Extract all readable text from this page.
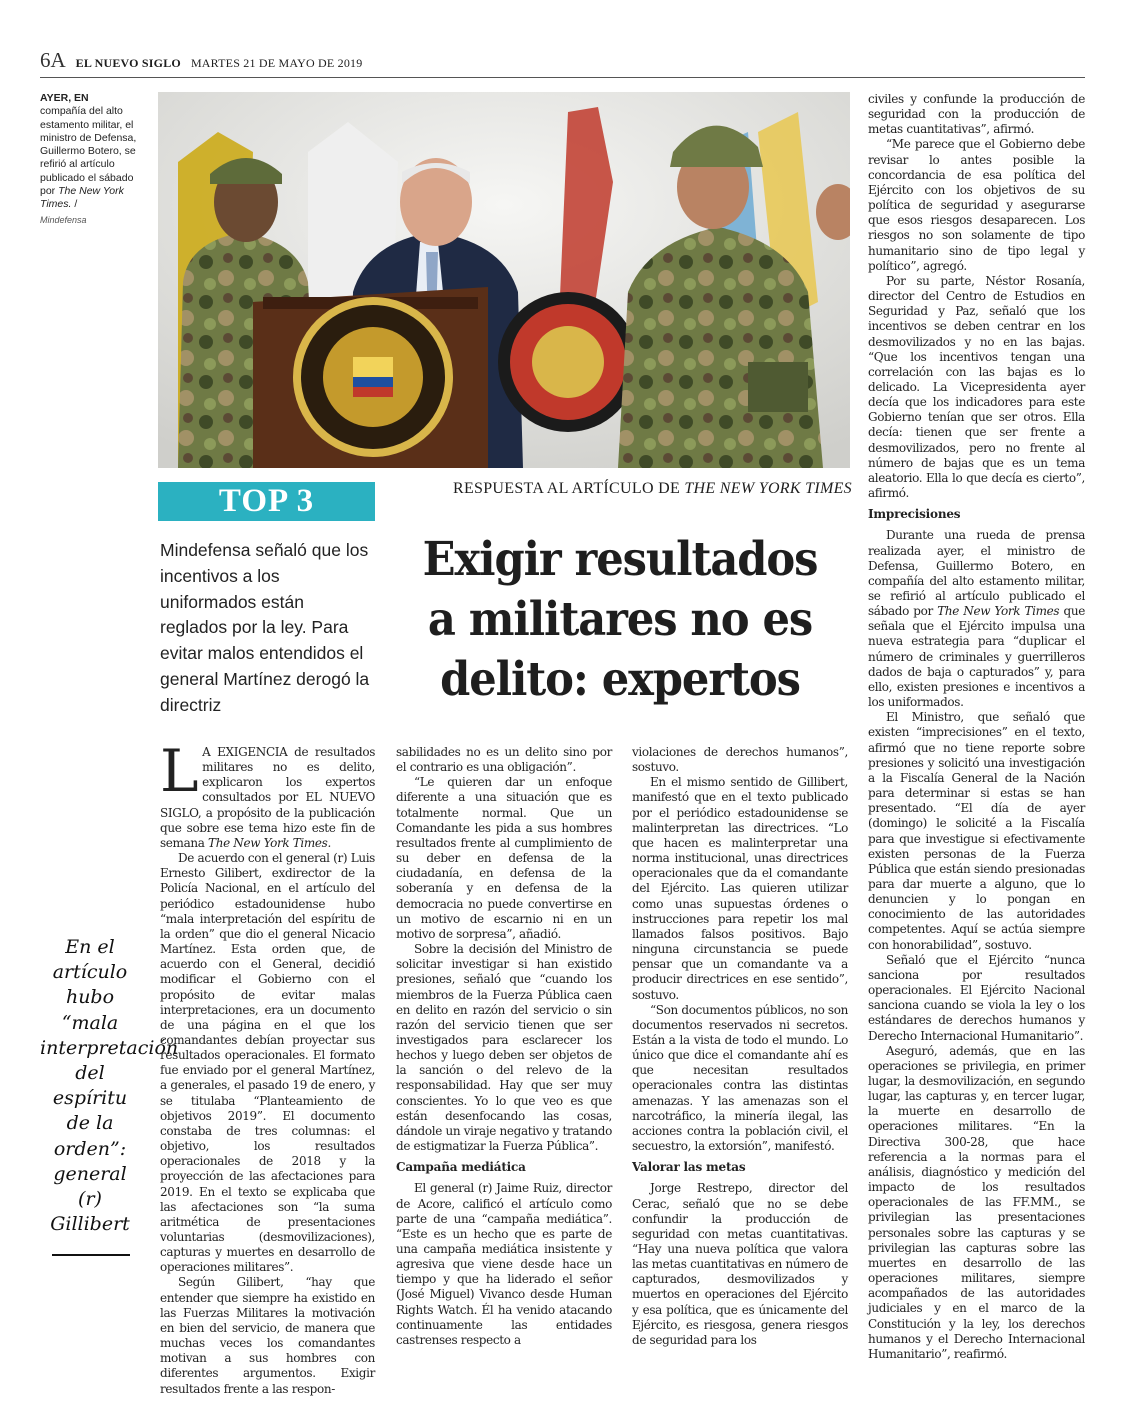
6A EL NUEVO SIGLO MARTES 21 DE MAYO DE 2019
AYER, EN
compañía del alto estamento militar, el ministro de Defensa, Guillermo Botero, se refirió al artículo publicado el sábado por The New York Times. /
Mindefensa
TOP 3	RESPUESTA AL ARTÍCULO DE THE NEW YORK TIMES
Mindefensa señaló que los incentivos a los uniformados están reglados por la ley. Para evitar malos entendidos el general Martínez derogó la directriz
Exigir resultados a militares no es delito: expertos
En el artículo hubo “mala interpretación del espíritu de la orden”: general (r) Gillibert

L A EXIGENCIA de resultados militares no es delito, explicaron los expertos consultados por EL NUEVO SIGLO, a propósito de la publicación que sobre ese tema hizo este fin de semana The New York Times.

De acuerdo con el general (r) Luis Ernesto Gilibert, exdirector de la Policía Nacional, en el artículo del periódico estadounidense hubo “mala interpretación del espíritu de la orden” que dio el general Nicacio Martínez. Esta orden que, de acuerdo con el General, decidió modificar el Gobierno con el propósito de evitar malas interpretaciones, era un documento de una página en el que los comandantes debían proyectar sus resultados operacionales. El formato fue enviado por el general Martínez, a generales, el pasado 19 de enero, y se titulaba “Planteamiento de objetivos 2019”. El documento constaba de tres columnas: el objetivo, los resultados operacionales de 2018 y la proyección de las afectaciones para 2019. En el texto se explicaba que las afectaciones son “la suma aritmética de presentaciones voluntarias (desmovilizaciones), capturas y muertes en desarrollo de operaciones militares”.

Según Gilibert, “hay que entender que siempre ha existido en las Fuerzas Militares la motivación en bien del servicio, de manera que muchas veces los comandantes motivan a sus hombres con diferentes argumentos. Exigir resultados frente a las respon-

sabilidades no es un delito sino por el contrario es una obligación”.

“Le quieren dar un enfoque diferente a una situación que es totalmente normal. Que un Comandante les pida a sus hombres resultados frente al cumplimiento de su deber en defensa de la ciudadanía, en defensa de la soberanía y en defensa de la democracia no puede convertirse en un motivo de escarnio ni en un motivo de sorpresa”, añadió.

Sobre la decisión del Ministro de solicitar investigar si han existido presiones, señaló que “cuando los miembros de la Fuerza Pública caen en delito en razón del servicio o sin razón del servicio tienen que ser investigados para esclarecer los hechos y luego deben ser objetos de la sanción o del relevo de la responsabilidad. Hay que ser muy conscientes. Yo lo que veo es que están desenfocando las cosas, dándole un viraje negativo y tratando de estigmatizar la Fuerza Pública”.

Campaña mediática

El general (r) Jaime Ruiz, director de Acore, calificó el artículo como parte de una “campaña mediática”. “Este es un hecho que es parte de una campaña mediática insistente y agresiva que viene desde hace un tiempo y que ha liderado el señor (José Miguel) Vivanco desde Human Rights Watch. Él ha venido atacando continuamente las entidades castrenses respecto a

violaciones de derechos humanos”, sostuvo.

En el mismo sentido de Gillibert, manifestó que en el texto publicado por el periódico estadounidense se malinterpretan las directrices. “Lo que hacen es malinterpretar una norma institucional, unas directrices operacionales que da el comandante del Ejército. Las quieren utilizar como unas supuestas órdenes o instrucciones para repetir los mal llamados falsos positivos. Bajo ninguna circunstancia se puede pensar que un comandante va a producir directrices en ese sentido”, sostuvo.

“Son documentos públicos, no son documentos reservados ni secretos. Están a la vista de todo el mundo. Lo único que dice el comandante ahí es que necesitan resultados operacionales contra las distintas amenazas. Y las amenazas son el narcotráfico, la minería ilegal, las acciones contra la población civil, el secuestro, la extorsión”, manifestó.

Valorar las metas

Jorge Restrepo, director del Cerac, señaló que no se debe confundir la producción de seguridad con metas cuantitativas. “Hay una nueva política que valora las metas cuantitativas en número de capturados, desmovilizados y muertos en operaciones del Ejército y esa política, que es únicamente del Ejército, es riesgosa, genera riesgos de seguridad para los

civiles y confunde la producción de seguridad con la producción de metas cuantitativas”, afirmó.

“Me parece que el Gobierno debe revisar lo antes posible la concordancia de esa política del Ejército con los objetivos de su política de seguridad y asegurarse que esos riesgos desaparecen. Los riesgos no son solamente de tipo humanitario sino de tipo legal y político”, agregó.

Por su parte, Néstor Rosanía, director del Centro de Estudios en Seguridad y Paz, señaló que los incentivos se deben centrar en los desmovilizados y no en las bajas. “Que los incentivos tengan una correlación con las bajas es lo delicado. La Vicepresidenta ayer decía que los indicadores para este Gobierno tenían que ser otros. Ella decía: tienen que ser frente a desmovilizados, pero no frente al número de bajas que es un tema aleatorio. Ella lo que decía es cierto”, afirmó.

Imprecisiones

Durante una rueda de prensa realizada ayer, el ministro de Defensa, Guillermo Botero, en compañía del alto estamento militar, se refirió al artículo publicado el sábado por The New York Times que señala que el Ejército impulsa una nueva estrategia para “duplicar el número de criminales y guerrilleros dados de baja o capturados” y, para ello, existen presiones e incentivos a los uniformados.

El Ministro, que señaló que existen “imprecisiones” en el texto, afirmó que no tiene reporte sobre presiones y solicitó una investigación a la Fiscalía General de la Nación para determinar si estas se han presentado. “El día de ayer (domingo) le solicité a la Fiscalía para que investigue si efectivamente existen personas de la Fuerza Pública que están siendo presionadas para dar muerte a alguno, que lo denuncien y lo pongan en conocimiento de las autoridades competentes. Aquí se actúa siempre con honorabilidad”, sostuvo.

Señaló que el Ejército “nunca sanciona por resultados operacionales. El Ejército Nacional sanciona cuando se viola la ley o los estándares de derechos humanos y Derecho Internacional Humanitario”.

Aseguró, además, que en las operaciones se privilegia, en primer lugar, la desmovilización, en segundo lugar, las capturas y, en tercer lugar, la muerte en desarrollo de operaciones militares. “En la Directiva 300-28, que hace referencia a la normas para el análisis, diagnóstico y medición del impacto de los resultados operacionales de las FF.MM., se privilegian las presentaciones personales sobre las capturas y se privilegian las capturas sobre las muertes en desarrollo de las operaciones militares, siempre acompañados de las autoridades judiciales y en el marco de la Constitución y la ley, los derechos humanos y el Derecho Internacional Humanitario”, reafirmó.
